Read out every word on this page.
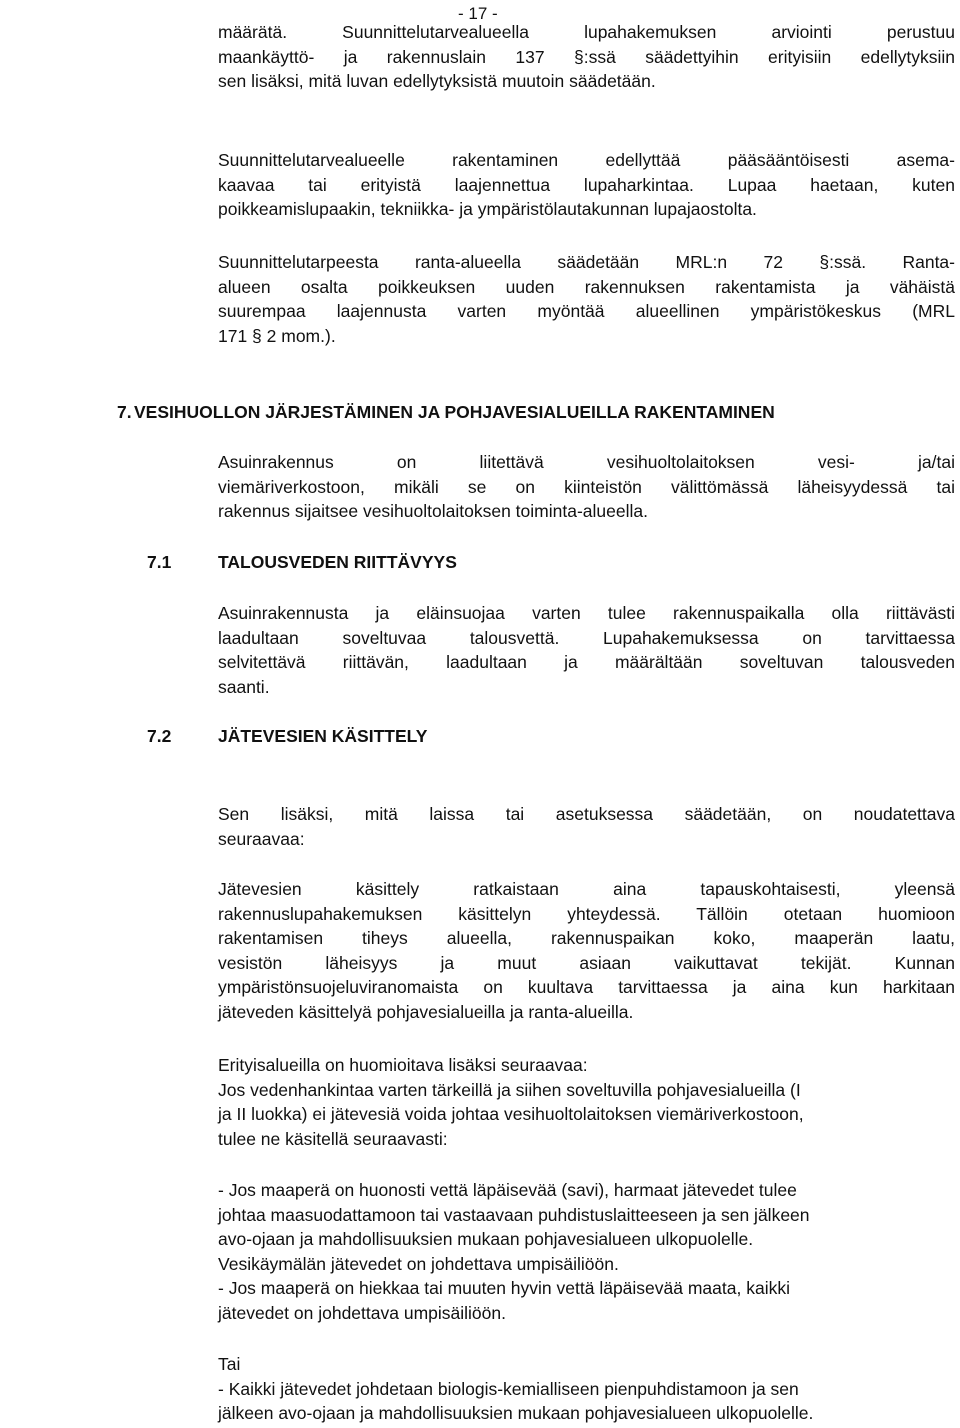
- 17 -
määrätä. Suunnittelutarvealueella lupahakemuksen arviointi perustuu
maankäyttö- ja rakennuslain 137 §:ssä säädettyihin erityisiin edellytyksiin
sen lisäksi, mitä luvan edellytyksistä muutoin säädetään.
Suunnittelutarvealueelle rakentaminen edellyttää pääsääntöisesti asema-
kaavaa tai erityistä laajennettua lupaharkintaa. Lupaa haetaan, kuten
poikkeamislupaakin, tekniikka- ja ympäristölautakunnan lupajaostolta.
Suunnittelutarpeesta ranta-alueella säädetään MRL:n 72 §:ssä. Ranta-
alueen osalta poikkeuksen uuden rakennuksen rakentamista ja vähäistä
suurempaa laajennusta varten myöntää alueellinen ympäristökeskus (MRL
171 § 2 mom.).
7. VESIHUOLLON JÄRJESTÄMINEN JA POHJAVESIALUEILLA RAKENTAMINEN
Asuinrakennus on liitettävä vesihuoltolaitoksen vesi- ja/tai
viemäriverkostoon, mikäli se on kiinteistön välittömässä läheisyydessä tai
rakennus sijaitsee vesihuoltolaitoksen toiminta-alueella.
7.1	TALOUSVEDEN RIITTÄVYYS
Asuinrakennusta ja eläinsuojaa varten tulee rakennuspaikalla olla riittävästi
laadultaan soveltuvaa talousvettä. Lupahakemuksessa on tarvittaessa
selvitettävä riittävän, laadultaan ja määrältään soveltuvan talousveden
saanti.
7.2	JÄTEVESIEN KÄSITTELY
Sen lisäksi, mitä laissa tai asetuksessa säädetään, on noudatettava
seuraavaa:
Jätevesien käsittely ratkaistaan aina tapauskohtaisesti, yleensä
rakennuslupahakemuksen käsittelyn yhteydessä. Tällöin otetaan huomioon
rakentamisen tiheys alueella, rakennuspaikan koko, maaperän laatu,
vesistön läheisyys ja muut asiaan vaikuttavat tekijät. Kunnan
ympäristönsuojeluviranomaista on kuultava tarvittaessa ja aina kun harkitaan
jäteveden käsittelyä pohjavesialueilla ja ranta-alueilla.
Erityisalueilla on huomioitava lisäksi seuraavaa:
Jos vedenhankintaa varten tärkeillä ja siihen soveltuvilla pohjavesialueilla (I
ja II luokka) ei jätevesiä voida johtaa vesihuoltolaitoksen viemäriverkostoon,
tulee ne käsitellä seuraavasti:
- Jos maaperä on huonosti vettä läpäisevää (savi), harmaat jätevedet tulee
johtaa maasuodattamoon tai vastaavaan puhdistuslaitteeseen ja sen jälkeen
avo-ojaan ja mahdollisuuksien mukaan pohjavesialueen ulkopuolelle.
Vesikäymälän jätevedet on johdettava umpisäiliöön.
- Jos maaperä on hiekkaa tai muuten hyvin vettä läpäisevää maata, kaikki
jätevedet on johdettava umpisäiliöön.
Tai
- Kaikki jätevedet johdetaan biologis-kemialliseen pienpuhdistamoon ja sen
jälkeen avo-ojaan ja mahdollisuuksien mukaan pohjavesialueen ulkopuolelle.
